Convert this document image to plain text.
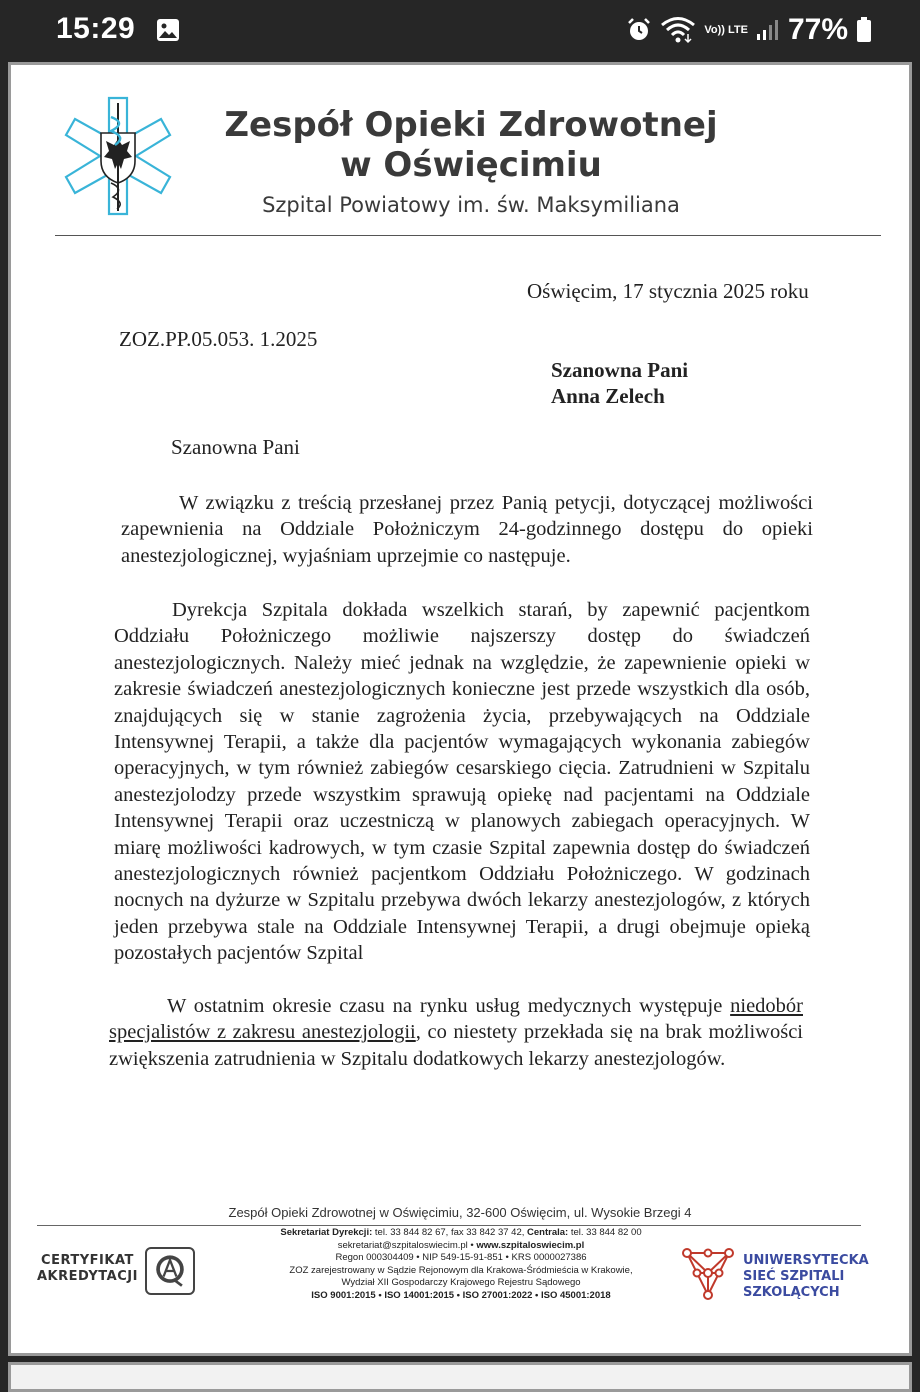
15:29	Vo)) LTE 77%
Zespół Opieki Zdrowotnej
w Oświęcimiu
Szpital Powiatowy im. św. Maksymiliana
Oświęcim, 17 stycznia 2025 roku
ZOZ.PP.05.053. 1.2025
Szanowna Pani
Anna Zelech
Szanowna Pani
W związku z treścią przesłanej przez Panią petycji, dotyczącej możliwości zapewnienia na Oddziale Położniczym 24-godzinnego dostępu do opieki anestezjologicznej, wyjaśniam uprzejmie co następuje.
Dyrekcja Szpitala dokłada wszelkich starań, by zapewnić pacjentkom Oddziału Położniczego możliwie najszerszy dostęp do świadczeń anestezjologicznych. Należy mieć jednak na względzie, że zapewnienie opieki w zakresie świadczeń anestezjologicznych konieczne jest przede wszystkich dla osób, znajdujących się w stanie zagrożenia życia, przebywających na Oddziale Intensywnej Terapii, a także dla pacjentów wymagających wykonania zabiegów operacyjnych, w tym również zabiegów cesarskiego cięcia. Zatrudnieni w Szpitalu anestezjolodzy przede wszystkim sprawują opiekę nad pacjentami na Oddziale Intensywnej Terapii oraz uczestniczą w planowych zabiegach operacyjnych. W miarę możliwości kadrowych, w tym czasie Szpital zapewnia dostęp do świadczeń anestezjologicznych również pacjentkom Oddziału Położniczego. W godzinach nocnych na dyżurze w Szpitalu przebywa dwóch lekarzy anestezjologów, z których jeden przebywa stale na Oddziale Intensywnej Terapii, a drugi obejmuje opieką pozostałych pacjentów Szpital
W ostatnim okresie czasu na rynku usług medycznych występuje niedobór specjalistów z zakresu anestezjologii, co niestety przekłada się na brak możliwości zwiększenia zatrudnienia w Szpitalu dodatkowych lekarzy anestezjologów.
Zespół Opieki Zdrowotnej w Oświęcimiu, 32-600 Oświęcim, ul. Wysokie Brzegi 4
Sekretariat Dyrekcji: tel. 33 844 82 67, fax 33 842 37 42, Centrala: tel. 33 844 82 00
sekretariat@szpitaloswiecim.pl • www.szpitaloswiecim.pl
Regon 000304409 • NIP 549-15-91-851 • KRS 0000027386
ZOZ zarejestrowany w Sądzie Rejonowym dla Krakowa-Śródmieścia w Krakowie,
Wydział XII Gospodarczy Krajowego Rejestru Sądowego
ISO 9001:2015 • ISO 14001:2015 • ISO 27001:2022 • ISO 45001:2018
CERTYFIKAT
AKREDYTACJI
UNIWERSYTECKA
SIEĆ SZPITALI
SZKOLĄCYCH
